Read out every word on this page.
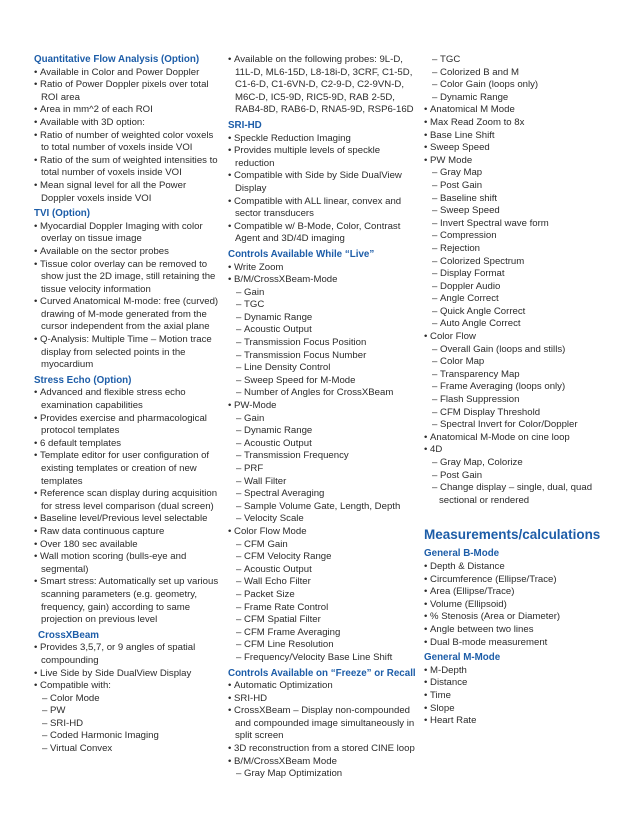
Quantitative Flow Analysis (Option)
• Available in Color and Power Doppler
• Ratio of Power Doppler pixels over total ROI area
• Area in mm^2 of each ROI
• Available with 3D option:
• Ratio of number of weighted color voxels to total number of voxels inside VOI
• Ratio of the sum of weighted intensities to total number of voxels inside VOI
• Mean signal level for all the Power Doppler voxels inside VOI
TVI (Option)
• Myocardial Doppler Imaging with color overlay on tissue image
• Available on the sector probes
• Tissue color overlay can be removed to show just the 2D image, still retaining the tissue velocity information
• Curved Anatomical M-mode: free (curved) drawing of M-mode generated from the cursor independent from the axial plane
• Q-Analysis: Multiple Time – Motion trace display from selected points in the myocardium
Stress Echo (Option)
• Advanced and flexible stress echo examination capabilities
• Provides exercise and pharmacological protocol templates
• 6 default templates
• Template editor for user configuration of existing templates or creation of new templates
• Reference scan display during acquisition for stress level comparison (dual screen)
• Baseline level/Previous level selectable
• Raw data continuous capture
• Over 180 sec available
• Wall motion scoring (bulls-eye and segmental)
• Smart stress: Automatically set up various scanning parameters (e.g. geometry, frequency, gain) according to same projection on previous level
CrossXBeam
• Provides 3,5,7, or 9 angles of spatial compounding
• Live Side by Side DualView Display
• Compatible with:
– Color Mode
– PW
– SRI-HD
– Coded Harmonic Imaging
– Virtual Convex
• Available on the following probes: 9L-D, 11L-D, ML6-15D, L8-18i-D, 3CRF, C1-5D, C1-6-D, C1-6VN-D, C2-9-D, C2-9VN-D, M6C-D, IC5-9D, RIC5-9D, RAB 2-5D, RAB4-8D, RAB6-D, RNA5-9D, RSP6-16D
SRI-HD
• Speckle Reduction Imaging
• Provides multiple levels of speckle reduction
• Compatible with Side by Side DualView Display
• Compatible with ALL linear, convex and sector transducers
• Compatible w/ B-Mode, Color, Contrast Agent and 3D/4D imaging
Controls Available While “Live”
• Write Zoom
• B/M/CrossXBeam-Mode
– Gain
– TGC
– Dynamic Range
– Acoustic Output
– Transmission Focus Position
– Transmission Focus Number
– Line Density Control
– Sweep Speed for M-Mode
– Number of Angles for CrossXBeam
• PW-Mode
– Gain
– Dynamic Range
– Acoustic Output
– Transmission Frequency
– PRF
– Wall Filter
– Spectral Averaging
– Sample Volume Gate, Length, Depth
– Velocity Scale
• Color Flow Mode
– CFM Gain
– CFM Velocity Range
– Acoustic Output
– Wall Echo Filter
– Packet Size
– Frame Rate Control
– CFM Spatial Filter
– CFM Frame Averaging
– CFM Line Resolution
– Frequency/Velocity Base Line Shift
Controls Available on “Freeze” or Recall
• Automatic Optimization
• SRI-HD
• CrossXBeam – Display non-compounded and compounded image simultaneously in split screen
• 3D reconstruction from a stored CINE loop
• B/M/CrossXBeam Mode
– Gray Map Optimization
– TGC
– Colorized B and M
– Color Gain (loops only)
– Dynamic Range
• Anatomical M Mode
• Max Read Zoom to 8x
• Base Line Shift
• Sweep Speed
• PW Mode
– Gray Map
– Post Gain
– Baseline shift
– Sweep Speed
– Invert Spectral wave form
– Compression
– Rejection
– Colorized Spectrum
– Display Format
– Doppler Audio
– Angle Correct
– Quick Angle Correct
– Auto Angle Correct
• Color Flow
– Overall Gain (loops and stills)
– Color Map
– Transparency Map
– Frame Averaging (loops only)
– Flash Suppression
– CFM Display Threshold
– Spectral Invert for Color/Doppler
• Anatomical M-Mode on cine loop
• 4D
– Gray Map, Colorize
– Post Gain
– Change display – single, dual, quad sectional or rendered
Measurements/calculations
General B-Mode
• Depth & Distance
• Circumference (Ellipse/Trace)
• Area (Ellipse/Trace)
• Volume (Ellipsoid)
• % Stenosis (Area or Diameter)
• Angle between two lines
• Dual B-mode measurement
General M-Mode
• M-Depth
• Distance
• Time
• Slope
• Heart Rate
